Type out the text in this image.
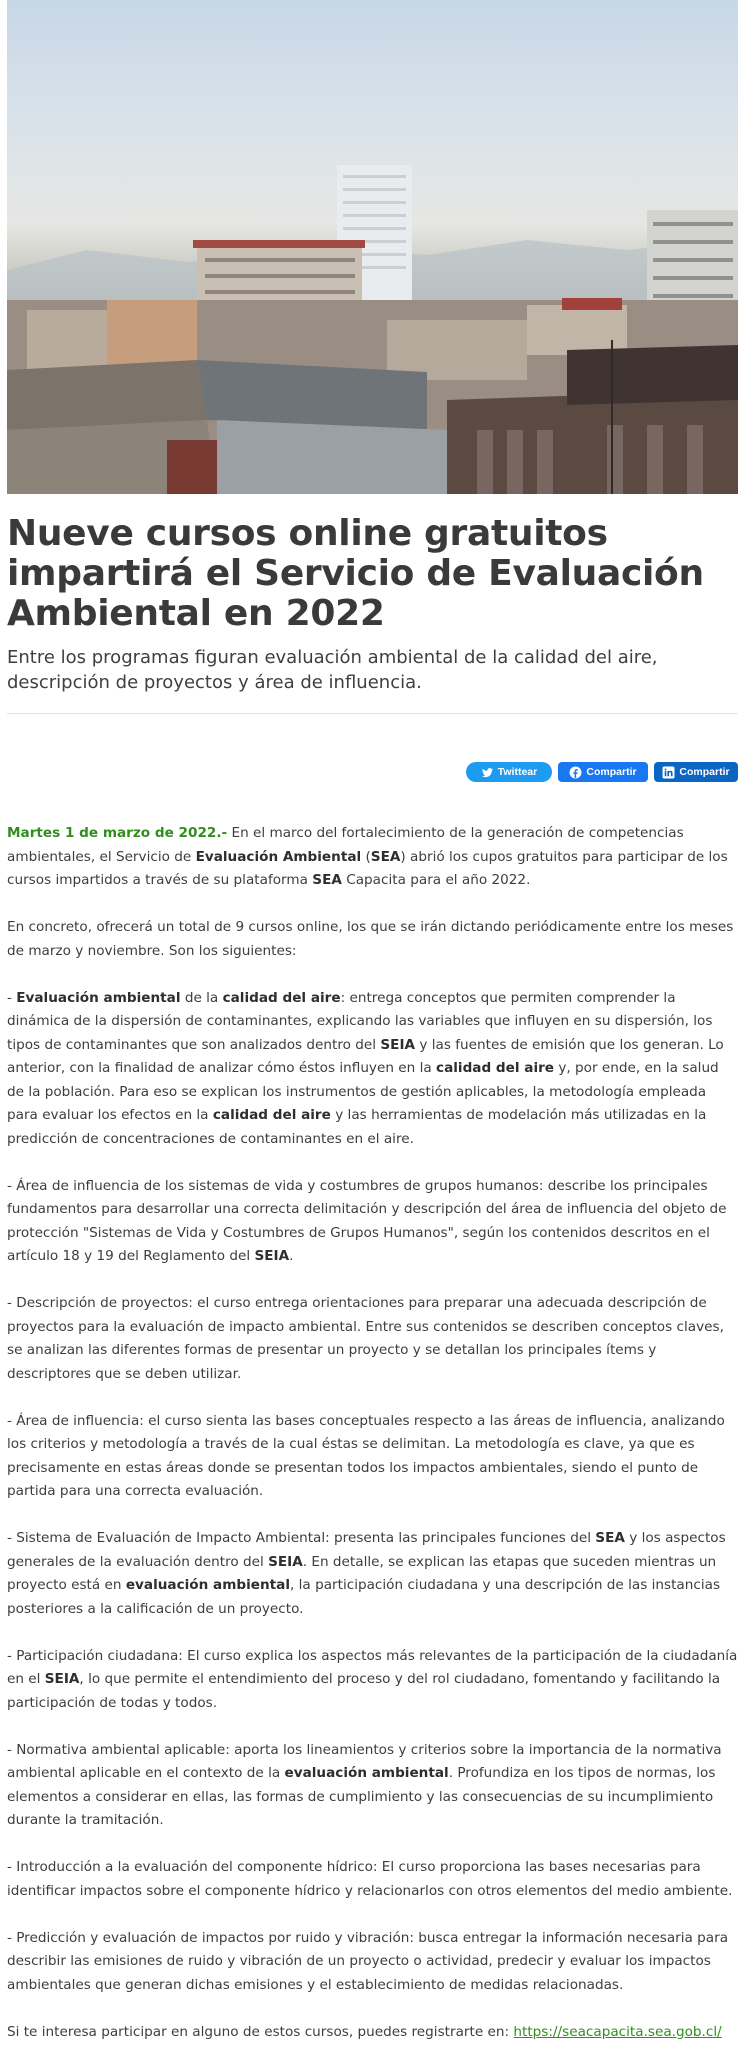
Nueve cursos online gratuitos impartirá el Servicio de Evaluación Ambiental en 2022
Entre los programas figuran evaluación ambiental de la calidad del aire, descripción de proyectos y área de influencia.
Twittear	Compartir	Compartir

Martes 1 de marzo de 2022.- En el marco del fortalecimiento de la generación de competencias ambientales, el Servicio de Evaluación Ambiental (SEA) abrió los cupos gratuitos para participar de los cursos impartidos a través de su plataforma SEA Capacita para el año 2022.

En concreto, ofrecerá un total de 9 cursos online, los que se irán dictando periódicamente entre los meses de marzo y noviembre. Son los siguientes:

- Evaluación ambiental de la calidad del aire: entrega conceptos que permiten comprender la dinámica de la dispersión de contaminantes, explicando las variables que influyen en su dispersión, los tipos de contaminantes que son analizados dentro del SEIA y las fuentes de emisión que los generan. Lo anterior, con la finalidad de analizar cómo éstos influyen en la calidad del aire y, por ende, en la salud de la población. Para eso se explican los instrumentos de gestión aplicables, la metodología empleada para evaluar los efectos en la calidad del aire y las herramientas de modelación más utilizadas en la predicción de concentraciones de contaminantes en el aire.

- Área de influencia de los sistemas de vida y costumbres de grupos humanos: describe los principales fundamentos para desarrollar una correcta delimitación y descripción del área de influencia del objeto de protección "Sistemas de Vida y Costumbres de Grupos Humanos", según los contenidos descritos en el artículo 18 y 19 del Reglamento del SEIA.

- Descripción de proyectos: el curso entrega orientaciones para preparar una adecuada descripción de proyectos para la evaluación de impacto ambiental. Entre sus contenidos se describen conceptos claves, se analizan las diferentes formas de presentar un proyecto y se detallan los principales ítems y descriptores que se deben utilizar.

- Área de influencia: el curso sienta las bases conceptuales respecto a las áreas de influencia, analizando los criterios y metodología a través de la cual éstas se delimitan. La metodología es clave, ya que es precisamente en estas áreas donde se presentan todos los impactos ambientales, siendo el punto de partida para una correcta evaluación.

- Sistema de Evaluación de Impacto Ambiental: presenta las principales funciones del SEA y los aspectos generales de la evaluación dentro del SEIA. En detalle, se explican las etapas que suceden mientras un proyecto está en evaluación ambiental, la participación ciudadana y una descripción de las instancias posteriores a la calificación de un proyecto.

- Participación ciudadana: El curso explica los aspectos más relevantes de la participación de la ciudadanía en el SEIA, lo que permite el entendimiento del proceso y del rol ciudadano, fomentando y facilitando la participación de todas y todos.

- Normativa ambiental aplicable: aporta los lineamientos y criterios sobre la importancia de la normativa ambiental aplicable en el contexto de la evaluación ambiental. Profundiza en los tipos de normas, los elementos a considerar en ellas, las formas de cumplimiento y las consecuencias de su incumplimiento durante la tramitación.

- Introducción a la evaluación del componente hídrico: El curso proporciona las bases necesarias para identificar impactos sobre el componente hídrico y relacionarlos con otros elementos del medio ambiente.

- Predicción y evaluación de impactos por ruido y vibración: busca entregar la información necesaria para describir las emisiones de ruido y vibración de un proyecto o actividad, predecir y evaluar los impactos ambientales que generan dichas emisiones y el establecimiento de medidas relacionadas.

Si te interesa participar en alguno de estos cursos, puedes registrarte en: https://seacapacita.sea.gob.cl/
